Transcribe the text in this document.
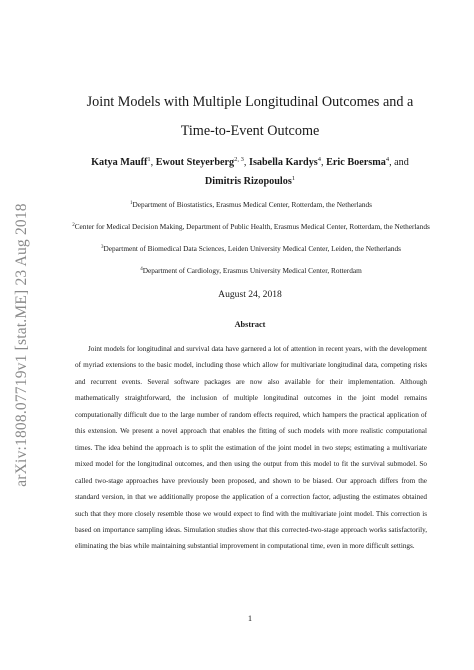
arXiv:1808.07719v1 [stat.ME] 23 Aug 2018
Joint Models with Multiple Longitudinal Outcomes and a
Time-to-Event Outcome
Katya Mauff$^1$, Ewout Steyerberg$^{2, 3}$, Isabella Kardys$^4$, Eric Boersma$^4$, and
Dimitris Rizopoulos$^1$

$^1$Department of Biostatistics, Erasmus Medical Center, Rotterdam, the Netherlands

$^2$Center for Medical Decision Making, Department of Public Health, Erasmus Medical Center, Rotterdam, the Netherlands

$^3$Department of Biomedical Data Sciences, Leiden University Medical Center, Leiden, the Netherlands

$^4$Department of Cardiology, Erasmus University Medical Center, Rotterdam

August 24, 2018
Abstract

Joint models for longitudinal and survival data have garnered a lot of attention in recent years, with the development of myriad extensions to the basic model, including those which allow for multivariate longitudinal data, competing risks and recurrent events. Several software packages are now also available for their implementation. Although mathematically straightforward, the inclusion of multiple longitudinal outcomes in the joint model remains computationally difficult due to the large number of random effects required, which hampers the practical application of this extension. We present a novel approach that enables the fitting of such models with more realistic computational times. The idea behind the approach is to split the estimation of the joint model in two steps; estimating a multivariate mixed model for the longitudinal outcomes, and then using the output from this model to fit the survival submodel. So called two-stage approaches have previously been proposed, and shown to be biased. Our approach differs from the standard version, in that we additionally propose the application of a correction factor, adjusting the estimates obtained such that they more closely resemble those we would expect to find with the multivariate joint model. This correction is based on importance sampling ideas. Simulation studies show that this corrected-two-stage approach works satisfactorily, eliminating the bias while maintaining substantial improvement in computational time, even in more difficult settings.

1
